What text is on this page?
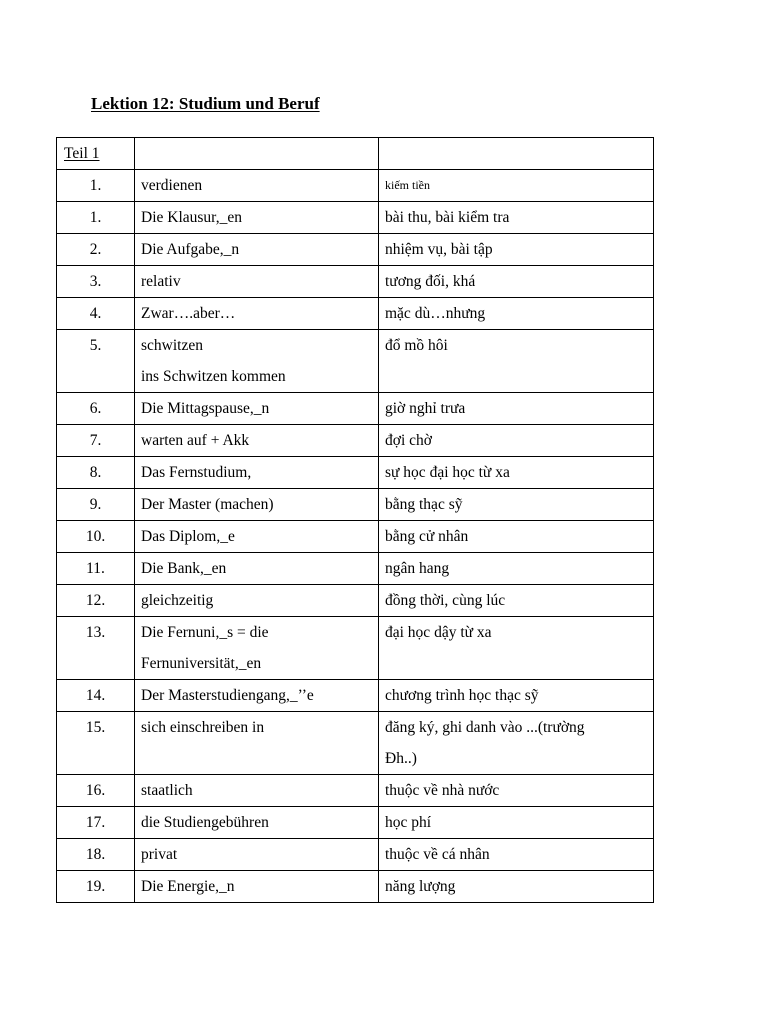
Lektion 12: Studium und Beruf
Teil 1		
1.	verdienen	kiếm tiền

1.	Die Klausur,_en	bài thu, bài kiểm tra

2.	Die Aufgabe,_n	nhiệm vụ, bài tập

3.	relativ	tương đối, khá

4.	Zwar….aber…	mặc dù…nhưng

5.	schwitzen
ins Schwitzen kommen	đổ mồ hôi

6.	Die Mittagspause,_n	giờ nghỉ trưa

7.	warten auf + Akk	đợi chờ

8.	Das Fernstudium,	sự học đại học từ xa

9.	Der Master (machen)	bằng thạc sỹ

10.	Das Diplom,_e	bằng cử nhân

11.	Die Bank,_en	ngân hang

12.	gleichzeitig	đồng thời, cùng lúc

13.	Die Fernuni,_s = die
Fernuniversität,_en	đại học dậy từ xa

14.	Der Masterstudiengang,_’’e	chương trình học thạc sỹ

15.	sich einschreiben in	đăng ký, ghi danh vào ...(trường
Đh..)

16.	staatlich	thuộc về nhà nước

17.	die Studiengebühren	học phí

18.	privat	thuộc về cá nhân

19.	Die Energie,_n	năng lượng
